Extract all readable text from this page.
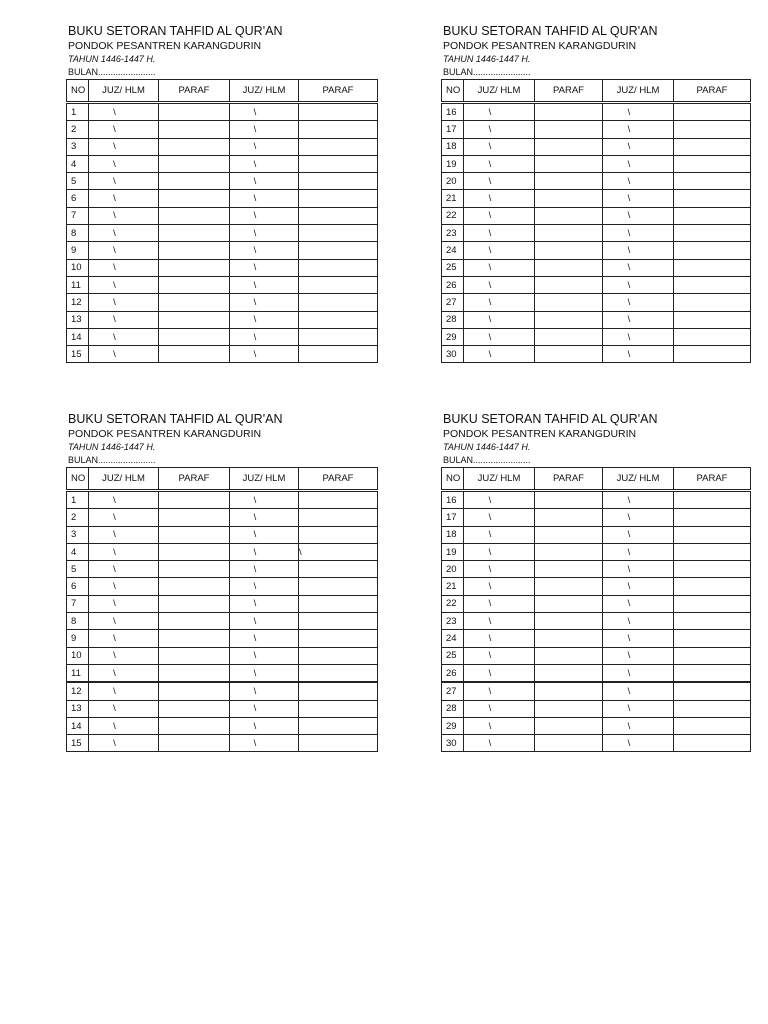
BUKU SETORAN TAHFID AL QUR'AN
PONDOK PESANTREN KARANGDURIN
TAHUN 1446-1447 H.
BULAN.......................
NO	JUZ/ HLM	PARAF	JUZ/ HLM	PARAF
1	\		\	
2	\		\	
3	\		\	
4	\		\	
5	\		\	
6	\		\	
7	\		\	
8	\		\	
9	\		\	
10	\		\	
11	\		\	
12	\		\	
13	\		\	
14	\		\	
15	\		\	
BUKU SETORAN TAHFID AL QUR'AN
PONDOK PESANTREN KARANGDURIN
TAHUN 1446-1447 H.
BULAN.......................
NO	JUZ/ HLM	PARAF	JUZ/ HLM	PARAF
16	\		\	
17	\		\	
18	\		\	
19	\		\	
20	\		\	
21	\		\	
22	\		\	
23	\		\	
24	\		\	
25	\		\	
26	\		\	
27	\		\	
28	\		\	
29	\		\	
30	\		\	
BUKU SETORAN TAHFID AL QUR'AN
PONDOK PESANTREN KARANGDURIN
TAHUN 1446-1447 H.
BULAN.......................
NO	JUZ/ HLM	PARAF	JUZ/ HLM	PARAF
1	\		\	
2	\		\	
3	\		\	
4	\		\	\
5	\		\	
6	\		\	
7	\		\	
8	\		\	
9	\		\	
10	\		\	
11	\		\	
12	\		\	
13	\		\	
14	\		\	
15	\		\	
BUKU SETORAN TAHFID AL QUR'AN
PONDOK PESANTREN KARANGDURIN
TAHUN 1446-1447 H.
BULAN.......................
NO	JUZ/ HLM	PARAF	JUZ/ HLM	PARAF
16	\		\	
17	\		\	
18	\		\	
19	\		\	
20	\		\	
21	\		\	
22	\		\	
23	\		\	
24	\		\	
25	\		\	
26	\		\	
27	\		\	
28	\		\	
29	\		\	
30	\		\	
